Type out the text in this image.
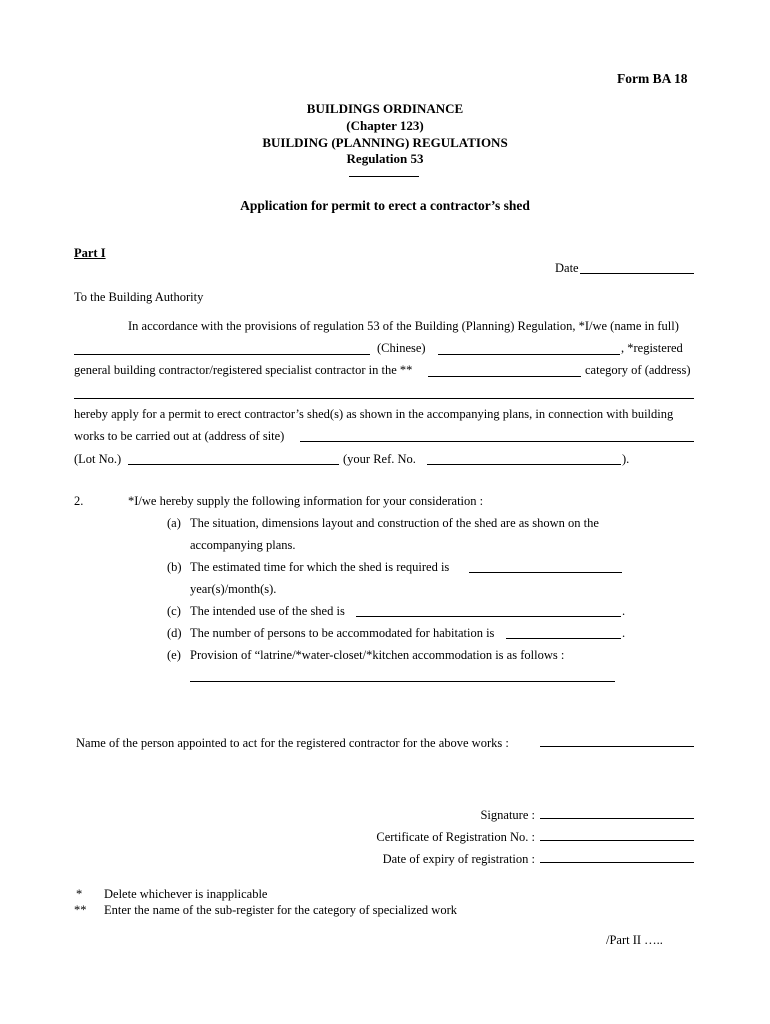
Form BA 18
BUILDINGS ORDINANCE
(Chapter 123)
BUILDING (PLANNING) REGULATIONS
Regulation 53
Application for permit to erect a contractor’s shed
Part I
Date
To the Building Authority
In accordance with the provisions of regulation 53 of the Building (Planning) Regulation, *I/we (name in full)
(Chinese)	, *registered
general building contractor/registered specialist contractor in the **	category of (address)
hereby apply for a permit to erect contractor’s shed(s) as shown in the accompanying plans, in connection with building
works to be carried out at (address of site)
(Lot No.)	(your Ref. No.	).
2.	*I/we hereby supply the following information for your consideration :
(a) The situation, dimensions layout and construction of the shed are as shown on the
accompanying plans.
(b) The estimated time for which the shed is required is
year(s)/month(s).
(c) The intended use of the shed is	.
(d) The number of persons to be accommodated for habitation is	.
(e) Provision of “latrine/*water-closet/*kitchen accommodation is as follows :
Name of the person appointed to act for the registered contractor for the above works :
Signature :
Certificate of Registration No. :
Date of expiry of registration :
* Delete whichever is inapplicable
** Enter the name of the sub-register for the category of specialized work
/Part II …..
